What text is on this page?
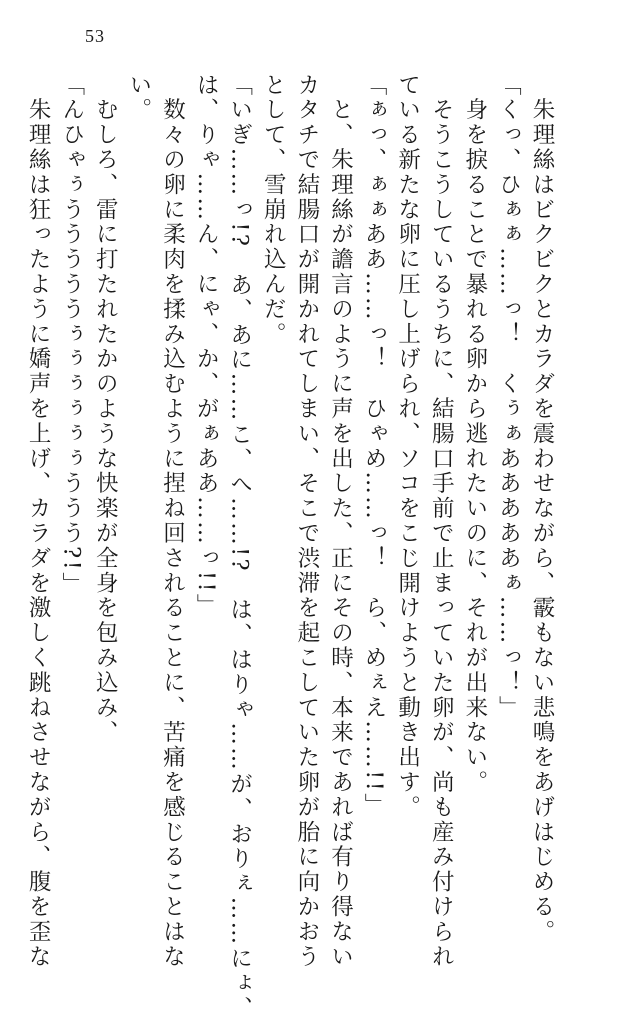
53

　朱理絲はビクビクとカラダを震わせながら、霰もない悲鳴をあげはじめる。

「くっ、ひぁぁ……っ！　くぅぁあああああぁ……っ！」

　身を捩ることで暴れる卵から逃れたいのに、それが出来ない。

　そうこうしているうちに、結腸口手前で止まっていた卵が、尚も産み付けられ

ている新たな卵に圧し上げられ、ソコをこじ開けようと動き出す。

「ぁっ、ぁぁああ……っ！　ひゃめ……っ！　ら、めぇえ……!!」

　と、朱理絲が譫言のように声を出した、正にその時、本来であれば有り得ない

カタチで結腸口が開かれてしまい、そこで渋滞を起こしていた卵が胎に向かおう

として、雪崩れ込んだ。

「いぎ……っ!?　あ、あに……こ、へ……!?　は、はりゃ……が、おりぇ……にょ、

は、りゃ……ん、にゃ、か、がぁああ……っ!!」

　数々の卵に柔肉を揉み込むように捏ね回されることに、苦痛を感じることはな

い。

　むしろ、雷に打たれたかのような快楽が全身を包み込み、

「んひゃぅうううううぅぅぅぅぅぅううう?!」

　朱理絲は狂ったように嬌声を上げ、カラダを激しく跳ねさせながら、腹を歪な
